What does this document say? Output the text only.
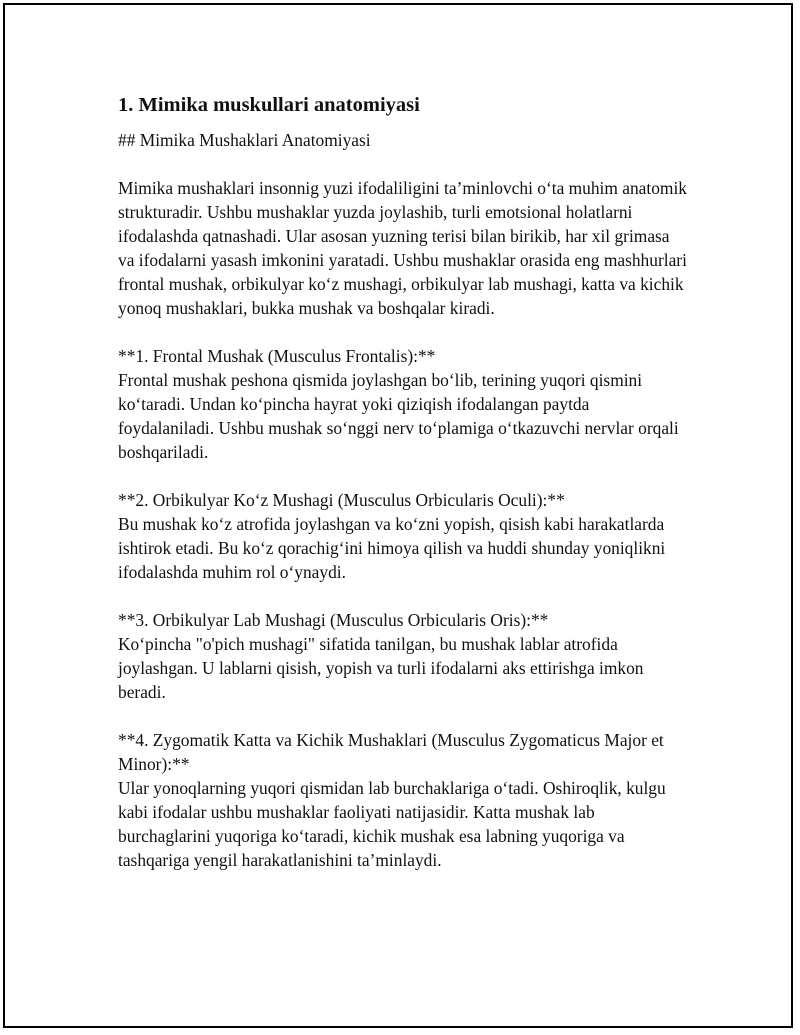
1. Mimika muskullari anatomiyasi
## Mimika Mushaklari Anatomiyasi
Mimika mushaklari insonnig yuzi ifodaliligini ta’minlovchi o‘ta muhim anatomik strukturadir. Ushbu mushaklar yuzda joylashib, turli emotsional holatlarni ifodalashda qatnashadi. Ular asosan yuzning terisi bilan birikib, har xil grimasa va ifodalarni yasash imkonini yaratadi. Ushbu mushaklar orasida eng mashhurlari frontal mushak, orbikulyar ko‘z mushagi, orbikulyar lab mushagi, katta va kichik yonoq mushaklari, bukka mushak va boshqalar kiradi.
**1. Frontal Mushak (Musculus Frontalis):**
Frontal mushak peshona qismida joylashgan bo‘lib, terining yuqori qismini ko‘taradi. Undan ko‘pincha hayrat yoki qiziqish ifodalangan paytda foydalaniladi. Ushbu mushak so‘nggi nerv to‘plamiga o‘tkazuvchi nervlar orqali boshqariladi.
**2. Orbikulyar Ko‘z Mushagi (Musculus Orbicularis Oculi):**
Bu mushak ko‘z atrofida joylashgan va ko‘zni yopish, qisish kabi harakatlarda ishtirok etadi. Bu ko‘z qorachig‘ini himoya qilish va huddi shunday yoniqlikni ifodalashda muhim rol o‘ynaydi.
**3. Orbikulyar Lab Mushagi (Musculus Orbicularis Oris):**
Ko‘pincha "o'pich mushagi" sifatida tanilgan, bu mushak lablar atrofida joylashgan. U lablarni qisish, yopish va turli ifodalarni aks ettirishga imkon beradi.
**4. Zygomatik Katta va Kichik Mushaklari (Musculus Zygomaticus Major et Minor):**
Ular yonoqlarning yuqori qismidan lab burchaklariga o‘tadi. Oshiroqlik, kulgu kabi ifodalar ushbu mushaklar faoliyati natijasidir. Katta mushak lab burchaglarini yuqoriga ko‘taradi, kichik mushak esa labning yuqoriga va tashqariga yengil harakatlanishini ta’minlaydi.
